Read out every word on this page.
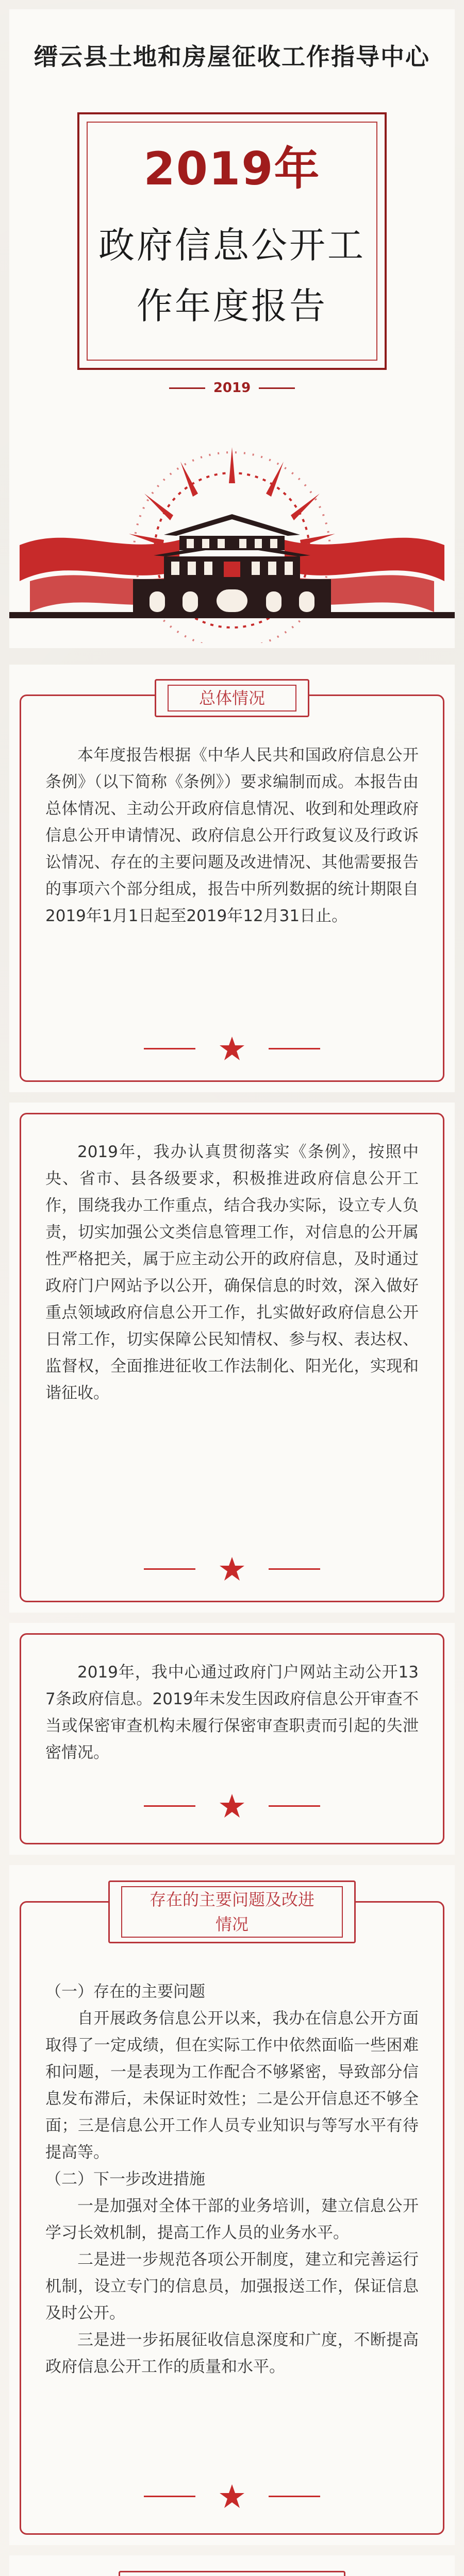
缙云县土地和房屋征收工作指导中心
2019年
政府信息公开工
作年度报告
2019
总体情况

本年度报告根据《中华人民共和国政府信息公开条例》（以下简称《条例》）要求编制而成。本报告由总体情况、主动公开政府信息情况、收到和处理政府信息公开申请情况、政府信息公开行政复议及行政诉讼情况、存在的主要问题及改进情况、其他需要报告的事项六个部分组成，报告中所列数据的统计期限自2019年1月1日起至2019年12月31日止。

2019年，我办认真贯彻落实《条例》，按照中央、省市、县各级要求，积极推进政府信息公开工作，围绕我办工作重点，结合我办实际，设立专人负责，切实加强公文类信息管理工作，对信息的公开属性严格把关，属于应主动公开的政府信息，及时通过政府门户网站予以公开，确保信息的时效，深入做好重点领域政府信息公开工作，扎实做好政府信息公开日常工作，切实保障公民知情权、参与权、表达权、监督权，全面推进征收工作法制化、阳光化，实现和谐征收。

2019年，我中心通过政府门户网站主动公开137条政府信息。2019年未发生因政府信息公开审查不当或保密审查机构未履行保密审查职责而引起的失泄密情况。

存在的主要问题及改进
情况

（一）存在的主要问题

自开展政务信息公开以来，我办在信息公开方面取得了一定成绩，但在实际工作中依然面临一些困难和问题，一是表现为工作配合不够紧密，导致部分信息发布滞后，未保证时效性；二是公开信息还不够全面；三是信息公开工作人员专业知识与等写水平有待提高等。

（二）下一步改进措施

一是加强对全体干部的业务培训，建立信息公开学习长效机制，提高工作人员的业务水平。

二是进一步规范各项公开制度，建立和完善运行机制，设立专门的信息员，加强报送工作，保证信息及时公开。

三是进一步拓展征收信息深度和广度，不断提高政府信息公开工作的质量和水平。
